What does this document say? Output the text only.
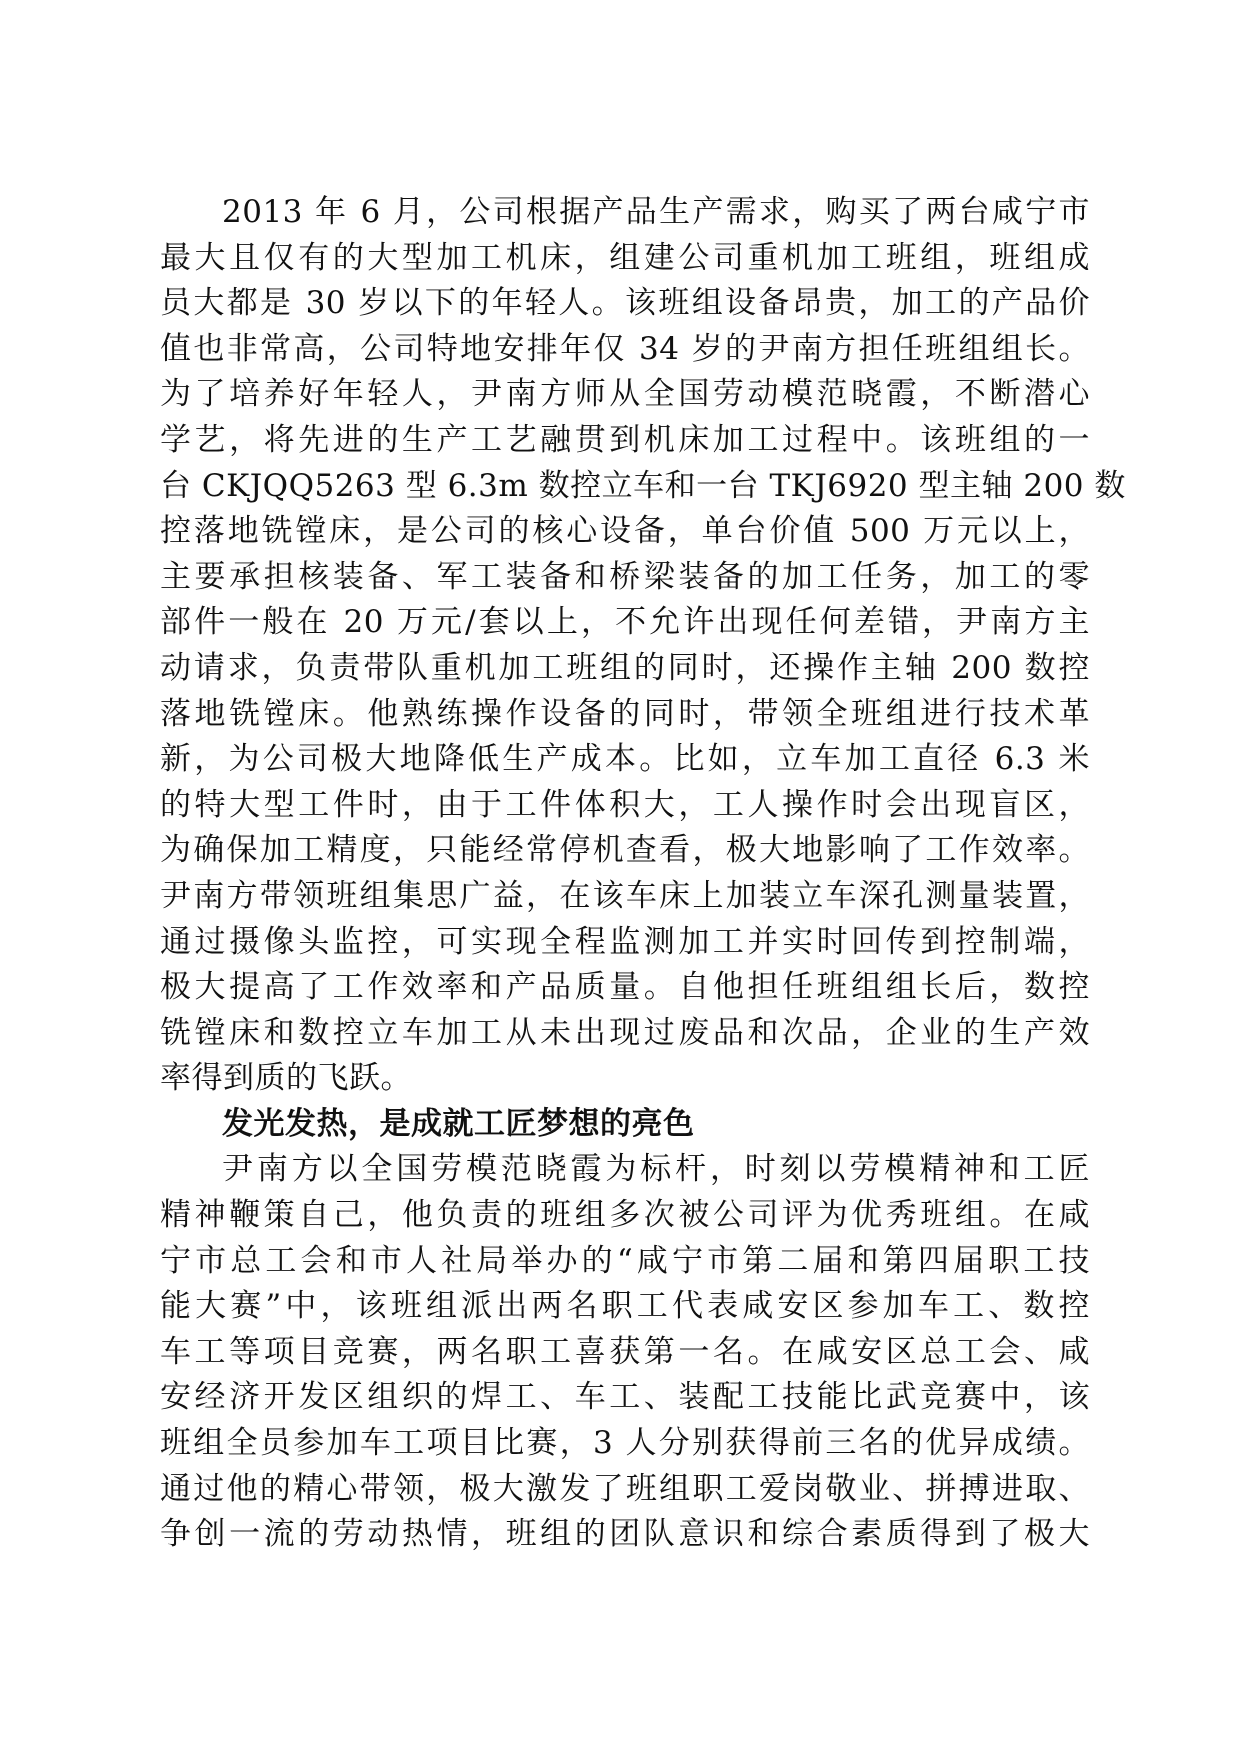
2013 年 6 月，公司根据产品生产需求，购买了两台咸宁市
最大且仅有的大型加工机床，组建公司重机加工班组，班组成
员大都是 30 岁以下的年轻人。该班组设备昂贵，加工的产品价
值也非常高，公司特地安排年仅 34 岁的尹南方担任班组组长。
为了培养好年轻人，尹南方师从全国劳动模范晓霞，不断潜心
学艺，将先进的生产工艺融贯到机床加工过程中。该班组的一
台 CKJQQ5263 型 6.3m 数控立车和一台 TKJ6920 型主轴 200 数
控落地铣镗床，是公司的核心设备，单台价值 500 万元以上，
主要承担核装备、军工装备和桥梁装备的加工任务，加工的零
部件一般在 20 万元/套以上，不允许出现任何差错，尹南方主
动请求，负责带队重机加工班组的同时，还操作主轴 200 数控
落地铣镗床。他熟练操作设备的同时，带领全班组进行技术革
新，为公司极大地降低生产成本。比如，立车加工直径 6.3 米
的特大型工件时，由于工件体积大，工人操作时会出现盲区，
为确保加工精度，只能经常停机查看，极大地影响了工作效率。
尹南方带领班组集思广益，在该车床上加装立车深孔测量装置，
通过摄像头监控，可实现全程监测加工并实时回传到控制端，
极大提高了工作效率和产品质量。自他担任班组组长后，数控
铣镗床和数控立车加工从未出现过废品和次品，企业的生产效
率得到质的飞跃。
发光发热，是成就工匠梦想的亮色
尹南方以全国劳模范晓霞为标杆，时刻以劳模精神和工匠
精神鞭策自己，他负责的班组多次被公司评为优秀班组。在咸
宁市总工会和市人社局举办的“咸宁市第二届和第四届职工技
能大赛”中，该班组派出两名职工代表咸安区参加车工、数控
车工等项目竞赛，两名职工喜获第一名。在咸安区总工会、咸
安经济开发区组织的焊工、车工、装配工技能比武竞赛中，该
班组全员参加车工项目比赛，3 人分别获得前三名的优异成绩。
通过他的精心带领，极大激发了班组职工爱岗敬业、拼搏进取、
争创一流的劳动热情，班组的团队意识和综合素质得到了极大
